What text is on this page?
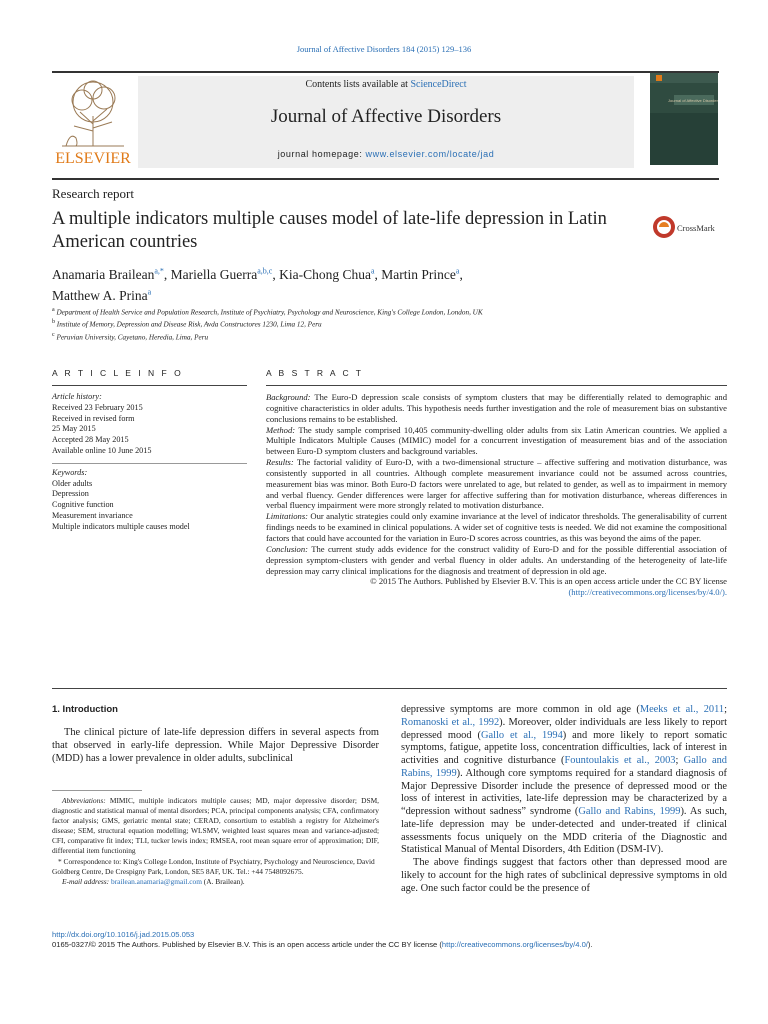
Journal of Affective Disorders 184 (2015) 129–136
ELSEVIER
Contents lists available at ScienceDirect
Journal of Affective Disorders
journal homepage: www.elsevier.com/locate/jad
Journal of Affective Disorders
Research report
A multiple indicators multiple causes model of late-life depression in Latin American countries
CrossMark
Anamaria Brailean$^{a,*}$, Mariella Guerra$^{a,b,c}$, Kia-Chong Chua$^a$, Martin Prince$^a$,
Matthew A. Prina$^a$
$^a$ Department of Health Service and Population Research, Institute of Psychiatry, Psychology and Neuroscience, King's College London, London, UK
$^b$ Institute of Memory, Depression and Disease Risk, Avda Constructores 1230, Lima 12, Peru
$^c$ Peruvian University, Cayetano, Heredia, Lima, Peru
A R T I C L E I N F O
Article history:
Received 23 February 2015
Received in revised form
25 May 2015
Accepted 28 May 2015
Available online 10 June 2015
Keywords:
Older adults
Depression
Cognitive function
Measurement invariance
Multiple indicators multiple causes model
A B S T R A C T
Background: The Euro-D depression scale consists of symptom clusters that may be differentially related to demographic and cognitive characteristics in older adults. This hypothesis needs further investigation and the role of measurement bias on substantive conclusions remains to be established.
Method: The study sample comprised 10,405 community-dwelling older adults from six Latin American countries. We applied a Multiple Indicators Multiple Causes (MIMIC) model for a concurrent investigation of measurement bias and of the association between Euro-D symptom clusters and background variables.
Results: The factorial validity of Euro-D, with a two-dimensional structure – affective suffering and motivation disturbance, was consistently supported in all countries. Although complete measurement invariance could not be assumed across countries, measurement bias was minor. Both Euro-D factors were unrelated to age, but related to gender, as well as to impairment in memory and verbal fluency. Gender differences were larger for affective suffering than for motivation disturbance, whereas differences in verbal fluency impairment were more strongly related to motivation disturbance.
Limitations: Our analytic strategies could only examine invariance at the level of indicator thresholds. The generalisability of current findings needs to be examined in clinical populations. A wider set of cognitive tests is needed. We did not examine the compositional factors that could have accounted for the variation in Euro-D scores across countries, as this was beyond the aims of the paper.
Conclusion: The current study adds evidence for the construct validity of Euro-D and for the possible differential association of depression symptom-clusters with gender and verbal fluency in older adults. An understanding of the heterogeneity of late-life depression may carry clinical implications for the diagnosis and treatment of depression in old age.
© 2015 The Authors. Published by Elsevier B.V. This is an open access article under the CC BY license
(http://creativecommons.org/licenses/by/4.0/).
1. Introduction
The clinical picture of late-life depression differs in several aspects from that observed in early-life depression. While Major Depressive Disorder (MDD) has a lower prevalence in older adults, subclinical
Abbreviations: MIMIC, multiple indicators multiple causes; MD, major depressive disorder; DSM, diagnostic and statistical manual of mental disorders; PCA, principal components analysis; CFA, confirmatory factor analysis; GMS, geriatric mental state; CERAD, consortium to establish a registry for Alzheimer's disease; SEM, structural equation modelling; WLSMV, weighted least squares mean and variance-adjusted; CFI, comparative fit index; TLI, tucker lewis index; RMSEA, root mean square error of approximation; DIF, differential item functioning
* Correspondence to: King's College London, Institute of Psychiatry, Psychology and Neuroscience, David Goldberg Centre, De Crespigny Park, London, SE5 8AF, UK. Tel.: +44 7548092675.
E-mail address: brailean.anamaria@gmail.com (A. Brailean).
depressive symptoms are more common in old age (Meeks et al., 2011; Romanoski et al., 1992). Moreover, older individuals are less likely to report depressed mood (Gallo et al., 1994) and more likely to report somatic symptoms, fatigue, appetite loss, concentration difficulties, lack of interest in activities and cognitive disturbance (Fountoulakis et al., 2003; Gallo and Rabins, 1999). Although core symptoms required for a standard diagnosis of Major Depressive Disorder include the presence of depressed mood or the loss of interest in activities, late-life depression may be characterized by a “depression without sadness” syndrome (Gallo and Rabins, 1999). As such, late-life depression may be under-detected and under-treated if clinical assessments focus uniquely on the MDD criteria of the Diagnostic and Statistical Manual of Mental Disorders, 4th Edition (DSM-IV).
The above findings suggest that factors other than depressed mood are likely to account for the high rates of subclinical depressive symptoms in old age. One such factor could be the presence of
http://dx.doi.org/10.1016/j.jad.2015.05.053
0165-0327/© 2015 The Authors. Published by Elsevier B.V. This is an open access article under the CC BY license (http://creativecommons.org/licenses/by/4.0/).
